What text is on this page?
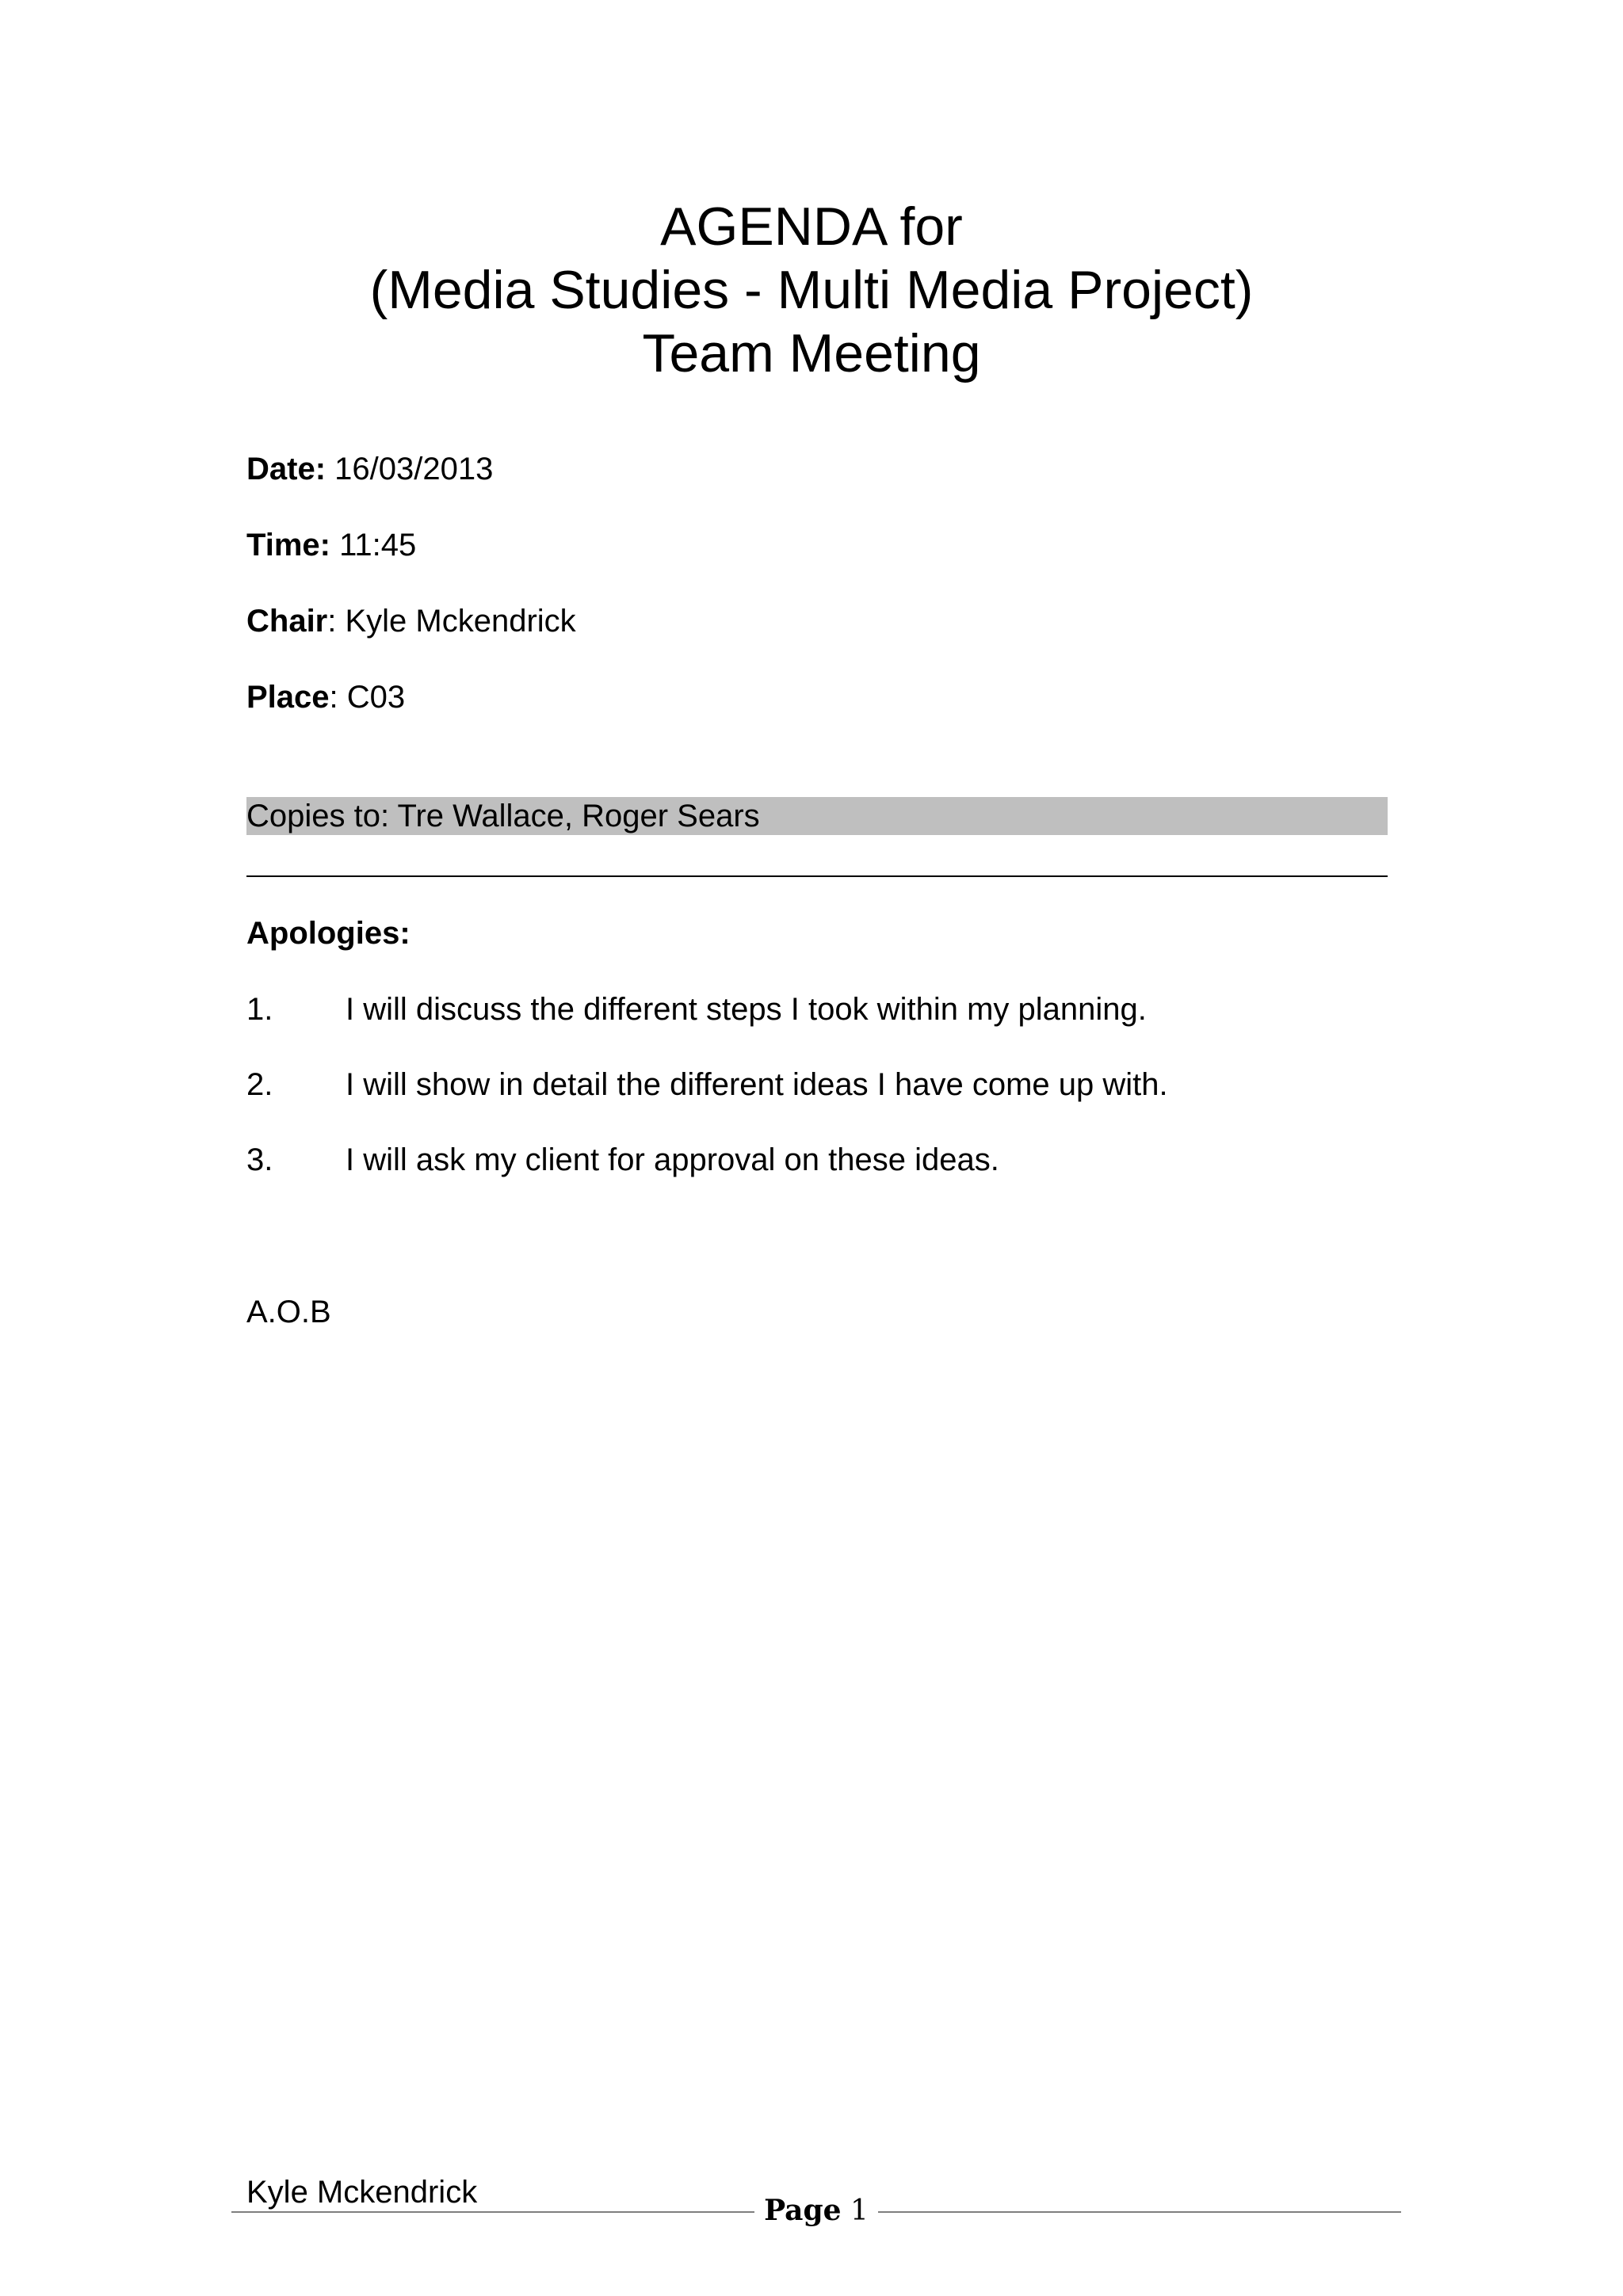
AGENDA for
(Media Studies - Multi Media Project)
Team Meeting
Date: 16/03/2013
Time: 11:45
Chair: Kyle Mckendrick
Place: C03
Copies to: Tre Wallace, Roger Sears
Apologies:
1. I will discuss the different steps I took within my planning.
2. I will show in detail the different ideas I have come up with.
3. I will ask my client for approval on these ideas.
A.O.B
Kyle Mckendrick
Page 1
